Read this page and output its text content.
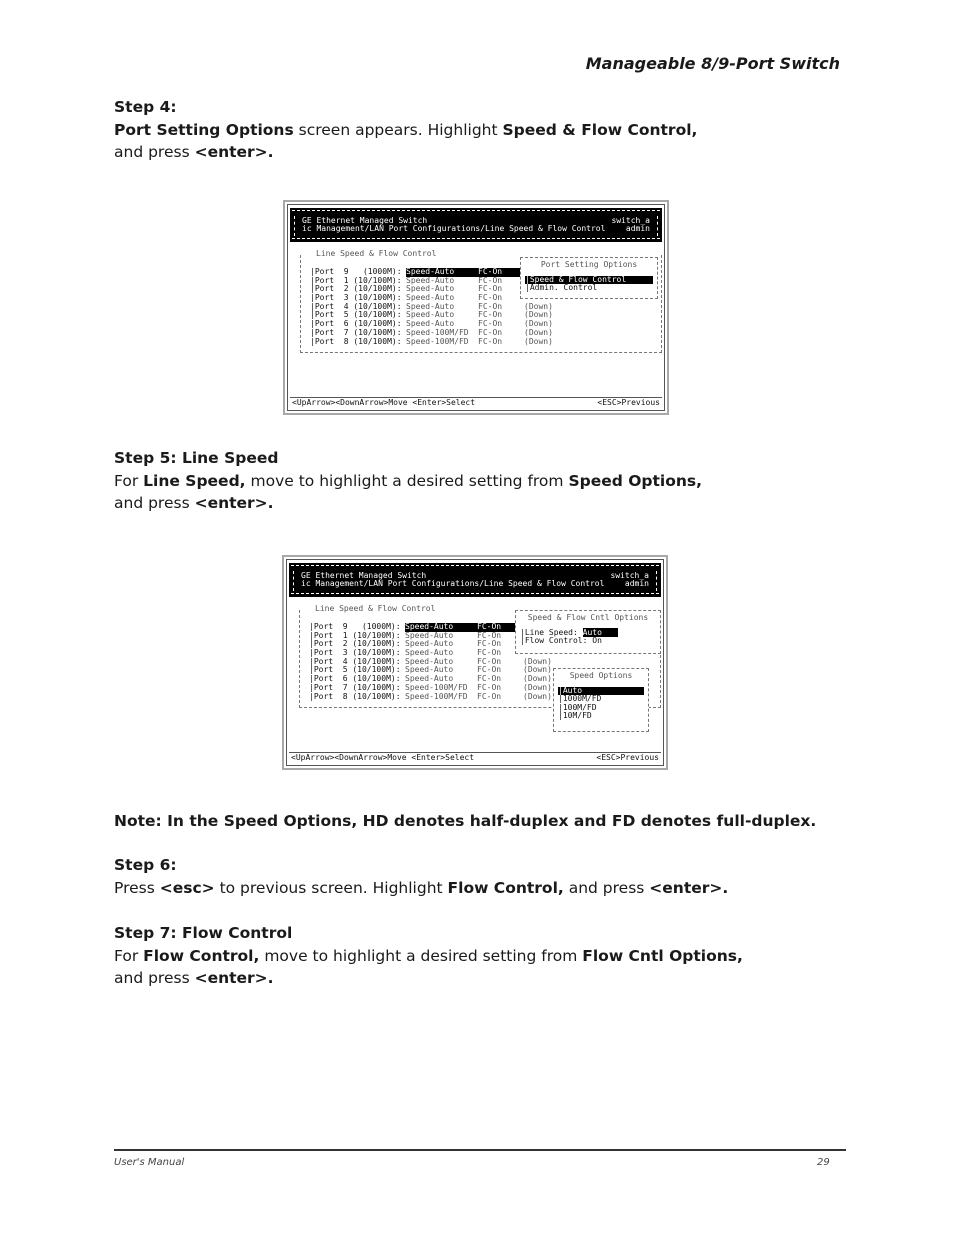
Manageable 8/9-Port Switch
Step 4:
Port Setting Options screen appears. Highlight Speed & Flow Control,
and press <enter>.
GE Ethernet Managed Switch
ic Management/LAN Port Configurations/Line Speed & Flow Control
switch_a
admin
Line Speed & Flow Control
|Port  9   (1000M): Speed-Auto	FC-On
|Port  1 (10/100M): Speed-Auto	FC-On
|Port  2 (10/100M): Speed-Auto	FC-On
|Port  3 (10/100M): Speed-Auto	FC-On
|Port  4 (10/100M): Speed-Auto	FC-On	(Down)
|Port  5 (10/100M): Speed-Auto	FC-On	(Down)
|Port  6 (10/100M): Speed-Auto	FC-On	(Down)
|Port  7 (10/100M): Speed-100M/FD FC-On	(Down)
|Port  8 (10/100M): Speed-100M/FD FC-On	(Down)
Port Setting Options
|Speed & Flow Control
|Admin. Control
<UpArrow><DownArrow>Move <Enter>Select	<ESC>Previous
Step 5: Line Speed
For Line Speed, move to highlight a desired setting from Speed Options,
and press <enter>.
GE Ethernet Managed Switch
ic Management/LAN Port Configurations/Line Speed & Flow Control
switch_a
admin
Line Speed & Flow Control
|Port  9   (1000M): Speed-Auto	FC-On
|Port  1 (10/100M): Speed-Auto	FC-On
|Port  2 (10/100M): Speed-Auto	FC-On
|Port  3 (10/100M): Speed-Auto	FC-On
|Port  4 (10/100M): Speed-Auto	FC-On	(Down)
|Port  5 (10/100M): Speed-Auto	FC-On	(Down)
|Port  6 (10/100M): Speed-Auto	FC-On	(Down)
|Port  7 (10/100M): Speed-100M/FD FC-On	(Down)
|Port  8 (10/100M): Speed-100M/FD FC-On	(Down)
Speed & Flow Cntl Options
|Line Speed: Auto
|Flow Control: On
Speed Options
|Auto
|1000M/FD
|100M/FD
|10M/FD
<UpArrow><DownArrow>Move <Enter>Select	<ESC>Previous
Note: In the Speed Options, HD denotes half-duplex and FD denotes full-duplex.
Step 6:
Press <esc> to previous screen. Highlight Flow Control, and press <enter>.
Step 7: Flow Control
For Flow Control, move to highlight a desired setting from Flow Cntl Options,
and press <enter>.
User's Manual	29
